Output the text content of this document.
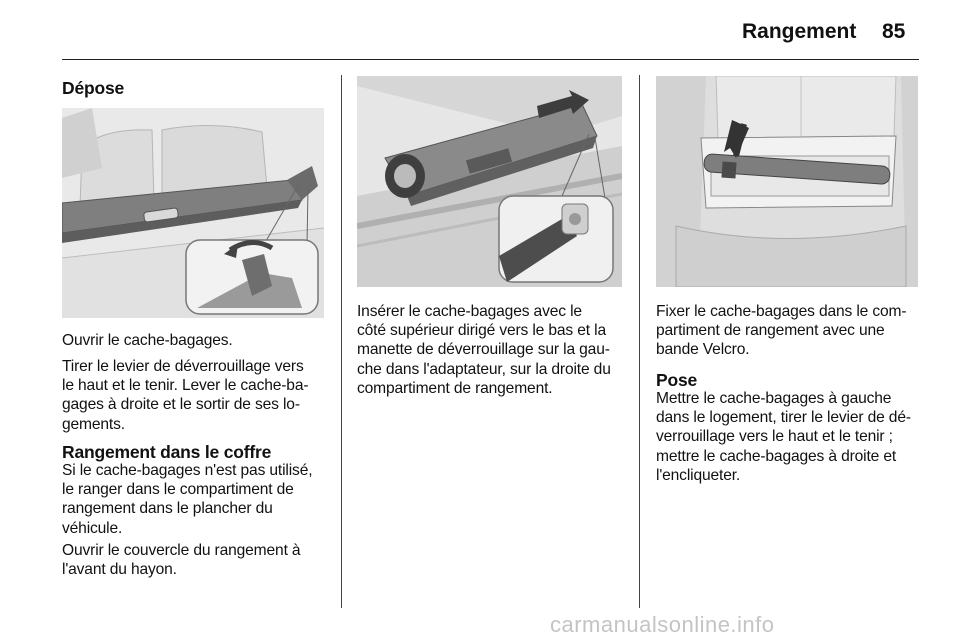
Rangement 85
Dépose

Ouvrir le cache-bagages.

Tirer le levier de déverrouillage vers
le haut et le tenir. Lever le cache-ba-
gages à droite et le sortir de ses lo-
gements.

Rangement dans le coffre

Si le cache-bagages n'est pas utilisé,
le ranger dans le compartiment de
rangement dans le plancher du
véhicule.

Ouvrir le couvercle du rangement à
l'avant du hayon.

Insérer le cache-bagages avec le
côté supérieur dirigé vers le bas et la
manette de déverrouillage sur la gau-
che dans l'adaptateur, sur la droite du
compartiment de rangement.

Fixer le cache-bagages dans le com-
partiment de rangement avec une
bande Velcro.

Pose

Mettre le cache-bagages à gauche
dans le logement, tirer le levier de dé-
verrouillage vers le haut et le tenir ;
mettre le cache-bagages à droite et
l'encliqueter.

carmanualsonline.info
